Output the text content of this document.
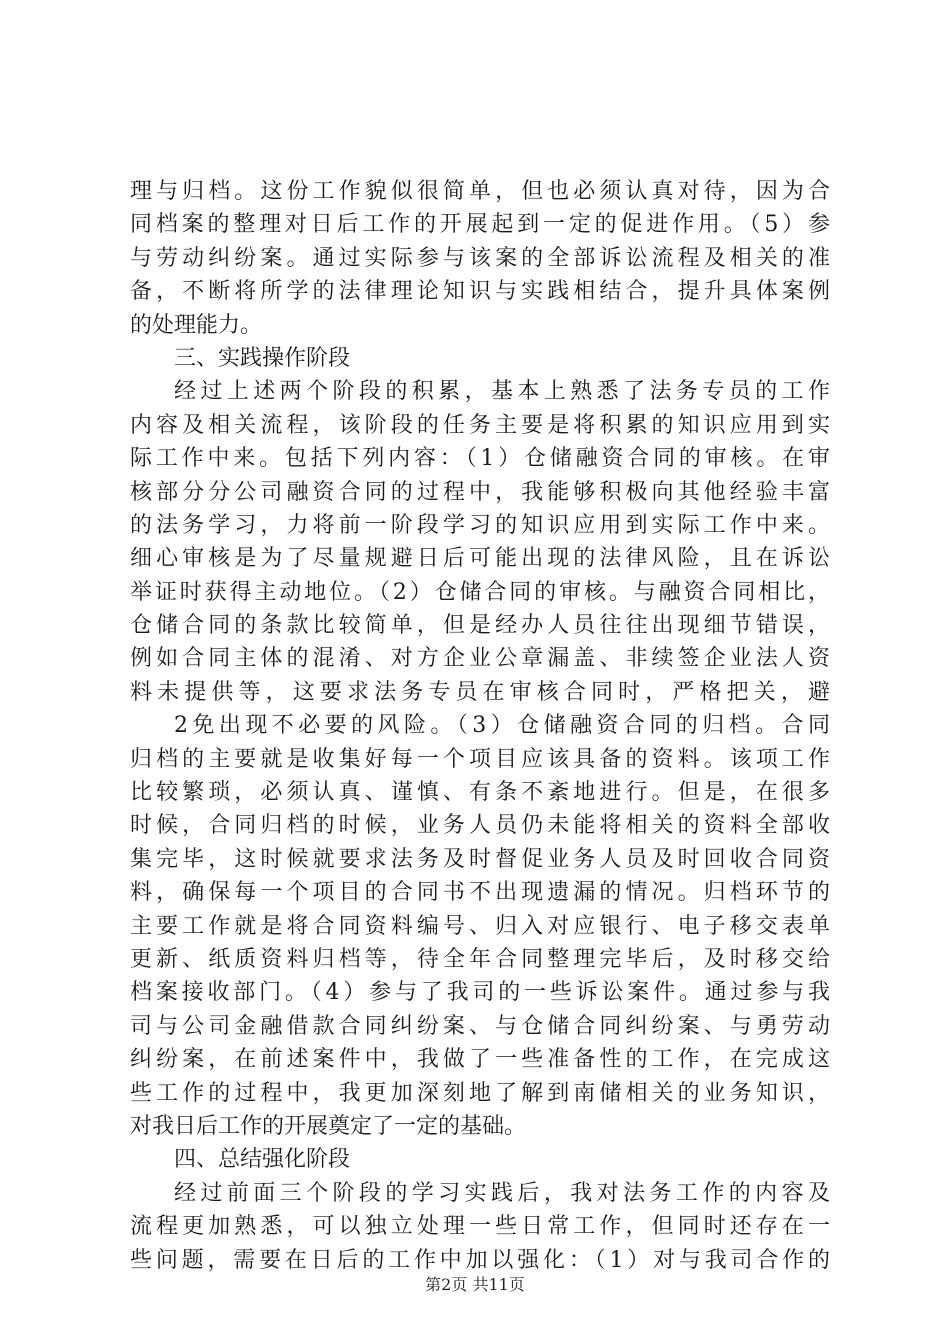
理与归档。这份工作貌似很简单，但也必须认真对待，因为合
同档案的整理对日后工作的开展起到一定的促进作用。（5）参
与劳动纠纷案。通过实际参与该案的全部诉讼流程及相关的准
备，不断将所学的法律理论知识与实践相结合，提升具体案例
的处理能力。
三、实践操作阶段
经过上述两个阶段的积累，基本上熟悉了法务专员的工作
内容及相关流程，该阶段的任务主要是将积累的知识应用到实
际工作中来。包括下列内容：（1）仓储融资合同的审核。在审
核部分分公司融资合同的过程中，我能够积极向其他经验丰富
的法务学习，力将前一阶段学习的知识应用到实际工作中来。
细心审核是为了尽量规避日后可能出现的法律风险，且在诉讼
举证时获得主动地位。（2）仓储合同的审核。与融资合同相比，
仓储合同的条款比较简单，但是经办人员往往出现细节错误，
例如合同主体的混淆、对方企业公章漏盖、非续签企业法人资
料未提供等，这要求法务专员在审核合同时，严格把关，避
2免出现不必要的风险。（3）仓储融资合同的归档。合同
归档的主要就是收集好每一个项目应该具备的资料。该项工作
比较繁琐，必须认真、谨慎、有条不紊地进行。但是，在很多
时候，合同归档的时候，业务人员仍未能将相关的资料全部收
集完毕，这时候就要求法务及时督促业务人员及时回收合同资
料，确保每一个项目的合同书不出现遗漏的情况。归档环节的
主要工作就是将合同资料编号、归入对应银行、电子移交表单
更新、纸质资料归档等，待全年合同整理完毕后，及时移交给
档案接收部门。（4）参与了我司的一些诉讼案件。通过参与我
司与公司金融借款合同纠纷案、与仓储合同纠纷案、与勇劳动
纠纷案，在前述案件中，我做了一些准备性的工作，在完成这
些工作的过程中，我更加深刻地了解到南储相关的业务知识，
对我日后工作的开展奠定了一定的基础。
四、总结强化阶段
经过前面三个阶段的学习实践后，我对法务工作的内容及
流程更加熟悉，可以独立处理一些日常工作，但同时还存在一
些问题，需要在日后的工作中加以强化：（1）对与我司合作的
第2页 共11页
